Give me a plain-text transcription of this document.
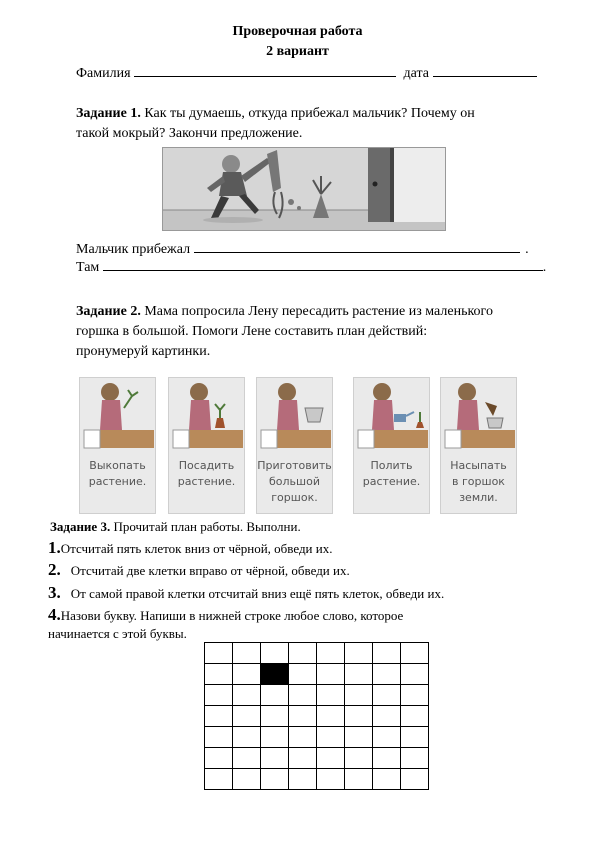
Проверочная работа
2 вариант
Фамилия	дата
Задание 1. Как ты думаешь, откуда прибежал мальчик? Почему он
такой мокрый? Закончи предложение.
Мальчик прибежал	.
Там	.
Задание 2. Мама попросила Лену пересадить растение из маленького
горшка в большой. Помоги Лене составить план действий:
пронумеруй картинки.
Выкопать
растение.
Посадить
растение.
Приготовить
большой
горшок.
Полить
растение.
Насыпать
в горшок
земли.
Задание 3. Прочитай план работы. Выполни.
1.Отсчитай пять клеток вниз от чёрной, обведи их.
2. Отсчитай две клетки вправо от чёрной, обведи их.
3. От самой правой клетки отсчитай вниз ещё пять клеток, обведи их.
4.Назови букву. Напиши в нижней строке любое слово, которое
начинается с этой буквы.
